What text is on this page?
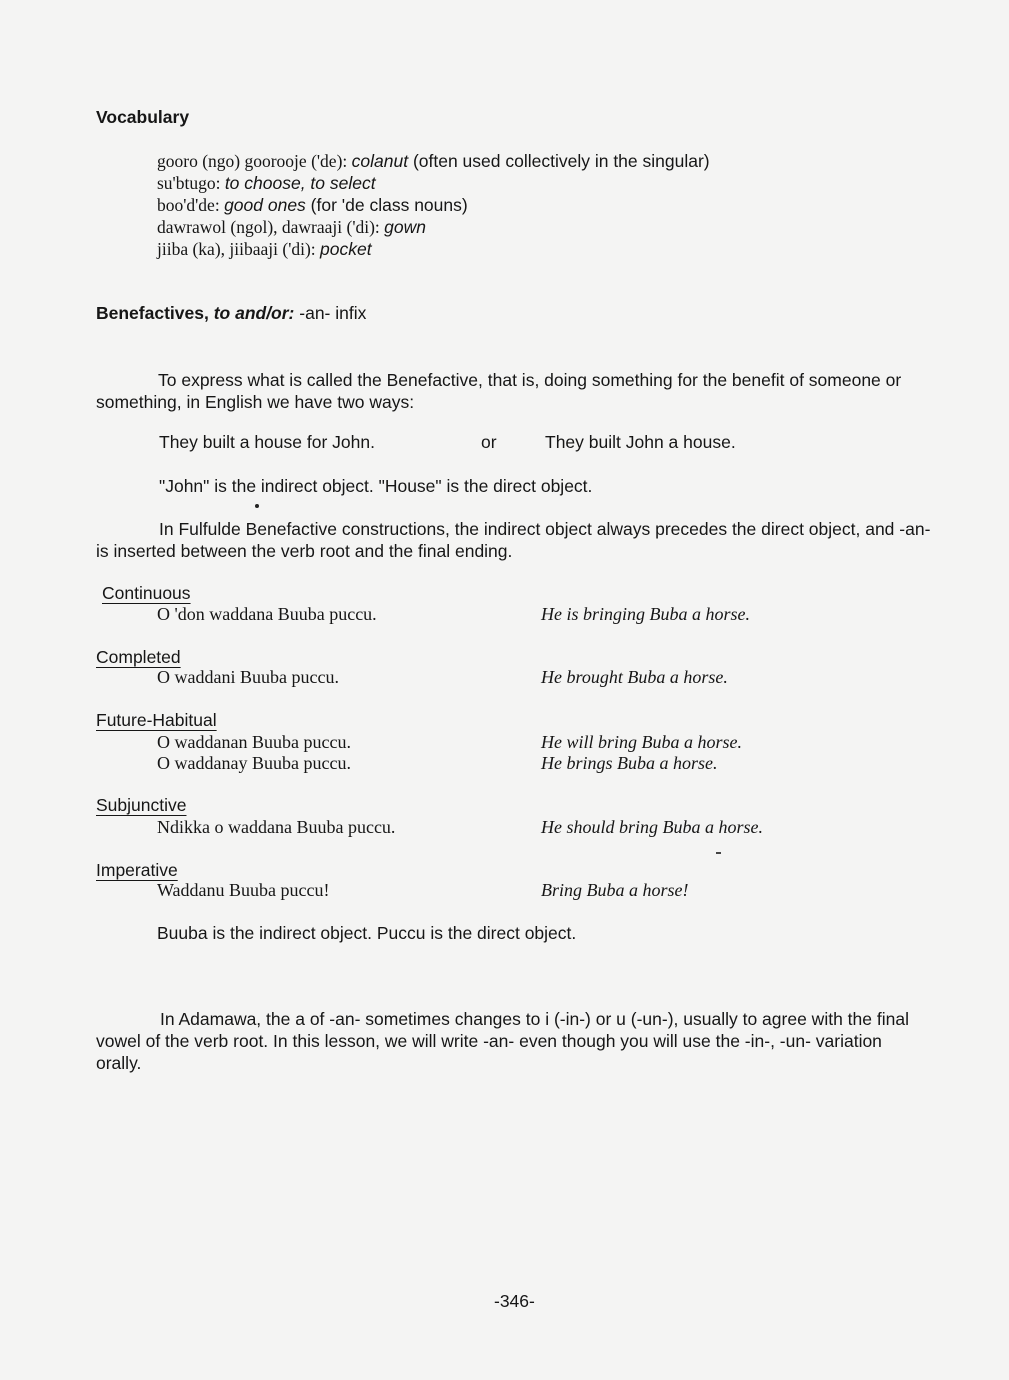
Vocabulary
gooro (ngo) goorooje ('de): colanut (often used collectively in the singular)
su'btugo: to choose, to select
boo'd'de: good ones (for 'de class nouns)
dawrawol (ngol), dawraaji ('di): gown
jiiba (ka), jiibaaji ('di): pocket
Benefactives, to and/or: -an- infix
To express what is called the Benefactive, that is, doing something for the benefit of someone or something, in English we have two ways:
They built a house for John.	or	They built John a house.
"John" is the indirect object. "House" is the direct object.
In Fulfulde Benefactive constructions, the indirect object always precedes the direct object, and -an- is inserted between the verb root and the final ending.
Continuous
O 'don waddana Buuba puccu.	He is bringing Buba a horse.
Completed
O waddani Buuba puccu.	He brought Buba a horse.
Future-Habitual
O waddanan Buuba puccu.	He will bring Buba a horse.
O waddanay Buuba puccu.	He brings Buba a horse.
Subjunctive
Ndikka o waddana Buuba puccu.	He should bring Buba a horse.
Imperative
Waddanu Buuba puccu!	Bring Buba a horse!
Buuba is the indirect object. Puccu is the direct object.
In Adamawa, the a of -an- sometimes changes to i (-in-) or u (-un-), usually to agree with the final vowel of the verb root. In this lesson, we will write -an- even though you will use the -in-, -un- variation orally.
-346-
